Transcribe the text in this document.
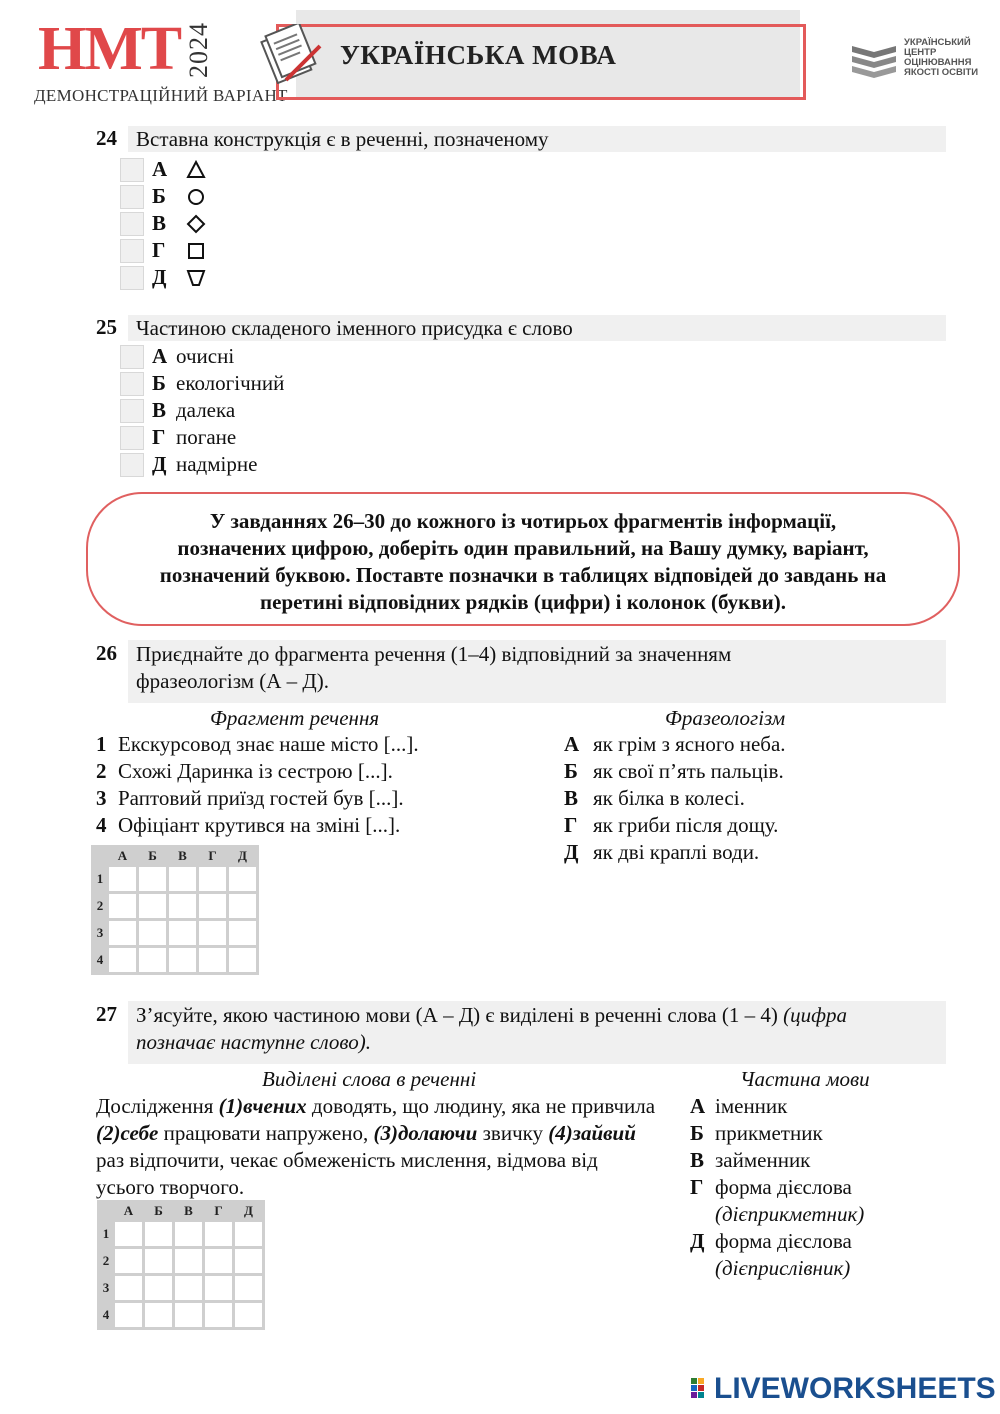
НМТ 2024
ДЕМОНСТРАЦІЙНИЙ ВАРІАНТ
УКРАЇНСЬКА МОВА	УКРАЇНСЬКИЙ
ЦЕНТР
ОЦІНЮВАННЯ
ЯКОСТІ ОСВІТИ
24 Вставна конструкція є в реченні, позначеному
А
Б
В
Г
Д
25 Частиною складеного іменного присудка є слово
А очисні
Б екологічний
В далека
Г погане
Д надмірне
У завданнях 26–30 до кожного із чотирьох фрагментів інформації,
позначених цифрою, доберіть один правильний, на Вашу думку, варіант,
позначений буквою. Поставте позначки в таблицях відповідей до завдань на
перетині відповідних рядків (цифри) і колонок (букви).
26 Приєднайте до фрагмента речення (1–4) відповідний за значенням
фразеологізм (А – Д).
Фрагмент речення	Фразеологізм
1 Екскурсовод знає наше місто [...].
2 Схожі Даринка із сестрою [...].
3 Раптовий приїзд гостей був [...].
4 Офіціант крутився на зміні [...].
А як грім з ясного неба.
Б як свої п’ять пальців.
В як білка в колесі.
Г як гриби після дощу.
Д як дві краплі води.
	А	Б	В	Г	Д
1					
2					
3					
4					
27 З’ясуйте, якою частиною мови (А – Д) є виділені в реченні слова (1 – 4) (цифра
позначає наступне слово).
Виділені слова в реченні	Частина мови
Дослідження (1)вчених доводять, що людину, яка не привчила (2)себе працювати напружено, (3)долаючи звичку (4)зайвий раз відпочити, чекає обмеженість мислення, відмова від усього творчого.
А іменник
Б прикметник
В займенник
Г форма дієслова
(дієприкметник)
Д форма дієслова
(дієприслівник)
	А	Б	В	Г	Д
1					
2					
3					
4					
LIVEWORKSHEETS
